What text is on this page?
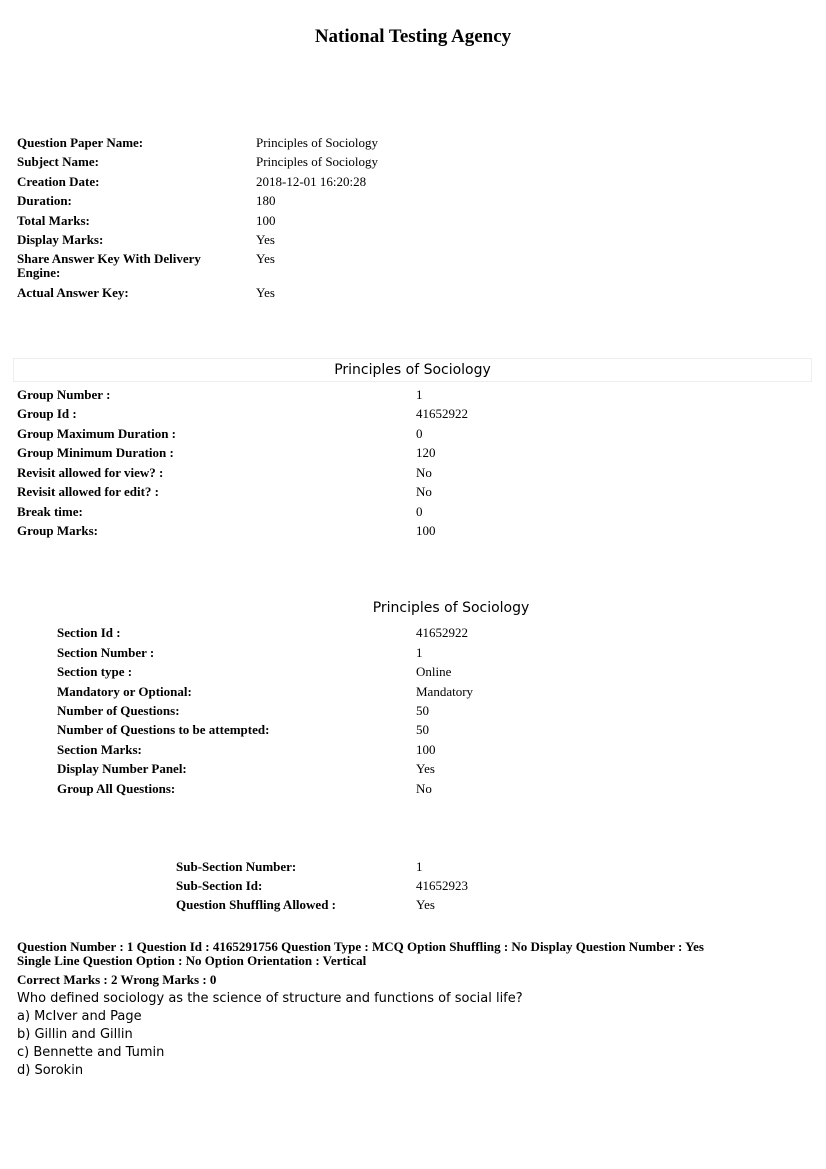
National Testing Agency
Question Paper Name:	Principles of Sociology
Subject Name:	Principles of Sociology
Creation Date:	2018-12-01 16:20:28
Duration:	180
Total Marks:	100
Display Marks:	Yes
Share Answer Key With Delivery Engine:
Yes
Actual Answer Key:	Yes
Principles of Sociology
Group Number :	1
Group Id :	41652922
Group Maximum Duration :	0
Group Minimum Duration :	120
Revisit allowed for view? :	No
Revisit allowed for edit? :	No
Break time:	0
Group Marks:	100
Principles of Sociology
Section Id :	41652922
Section Number :	1
Section type :	Online
Mandatory or Optional:	Mandatory
Number of Questions:	50
Number of Questions to be attempted:	50
Section Marks:	100
Display Number Panel:	Yes
Group All Questions:	No
Sub-Section Number:	1
Sub-Section Id:	41652923
Question Shuffling Allowed :	Yes
Question Number : 1 Question Id : 4165291756 Question Type : MCQ Option Shuffling : No Display Question Number : Yes
Single Line Question Option : No Option Orientation : Vertical
Correct Marks : 2 Wrong Marks : 0
Who defined sociology as the science of structure and functions of social life?
a) McIver and Page
b) Gillin and Gillin
c) Bennette and Tumin
d) Sorokin
